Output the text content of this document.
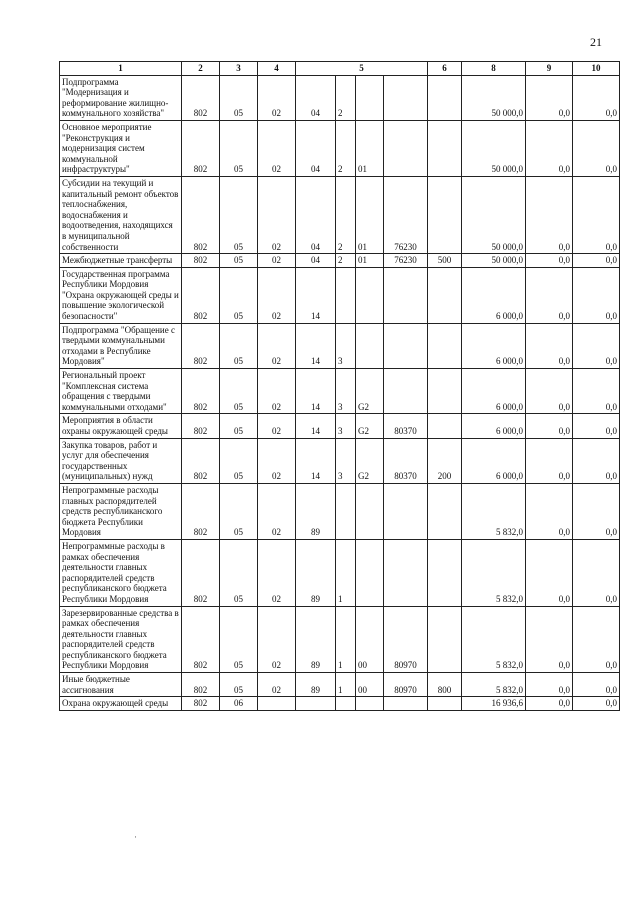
21
1	2	3	4	5				6	8	9	10
Подпрограмма "Модернизация и реформирование жилищно-коммунального хозяйства"	802	05	02	04	2				50 000,0	0,0	0,0
Основное мероприятие "Реконструкция и модернизация систем коммунальной инфраструктуры"	802	05	02	04	2	01			50 000,0	0,0	0,0
Субсидии на текущий и капитальный ремонт объектов теплоснабжения, водоснабжения и водоотведения, находящихся в муниципальной собственности	802	05	02	04	2	01	76230		50 000,0	0,0	0,0
Межбюджетные трансферты	802	05	02	04	2	01	76230	500	50 000,0	0,0	0,0
Государственная программа Республики Мордовия "Охрана окружающей среды и повышение экологической безопасности"	802	05	02	14					6 000,0	0,0	0,0
Подпрограмма "Обращение с твердыми коммунальными отходами в Республике Мордовия"	802	05	02	14	3				6 000,0	0,0	0,0
Региональный проект "Комплексная система обращения с твердыми коммунальными отходами"	802	05	02	14	3	G2			6 000,0	0,0	0,0
Мероприятия в области охраны окружающей среды	802	05	02	14	3	G2	80370		6 000,0	0,0	0,0
Закупка товаров, работ и услуг для обеспечения государственных (муниципальных) нужд	802	05	02	14	3	G2	80370	200	6 000,0	0,0	0,0
Непрограммные расходы главных распорядителей средств республиканского бюджета Республики Мордовия	802	05	02	89					5 832,0	0,0	0,0
Непрограммные расходы в рамках обеспечения деятельности главных распорядителей средств республиканского бюджета Республики Мордовия	802	05	02	89	1				5 832,0	0,0	0,0
Зарезервированные средства в рамках обеспечения деятельности главных распорядителей средств республиканского бюджета Республики Мордовия	802	05	02	89	1	00	80970		5 832,0	0,0	0,0
Иные бюджетные ассигнования	802	05	02	89	1	00	80970	800	5 832,0	0,0	0,0
Охрана окружающей среды	802	06							16 936,6	0,0	0,0
·
